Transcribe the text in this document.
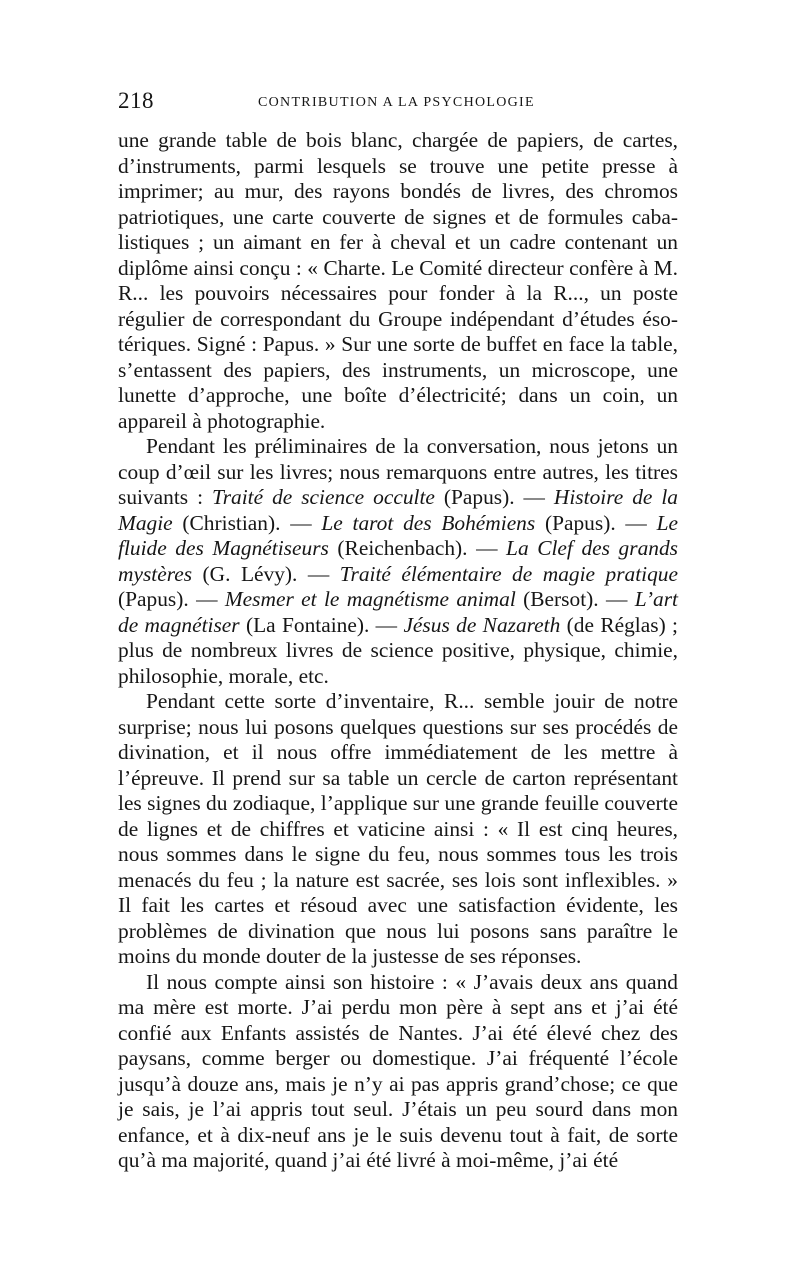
218	CONTRIBUTION A LA PSYCHOLOGIE

une grande table de bois blanc, chargée de papiers, de cartes, d’instruments, parmi lesquels se trouve une petite presse à imprimer; au mur, des rayons bondés de livres, des chromos patriotiques, une carte couverte de signes et de formules cabalistiques ; un aimant en fer à cheval et un cadre contenant un diplôme ainsi conçu : « Charte. Le Comité directeur confère à M. R... les pouvoirs nécessaires pour fonder à la R..., un poste régulier de correspondant du Groupe indépendant d’études ésotériques. Signé : Papus. » Sur une sorte de buffet en face la table, s’entassent des papiers, des instruments, un microscope, une lunette d’approche, une boîte d’électricité; dans un coin, un appareil à photographie.

Pendant les préliminaires de la conversation, nous jetons un coup d’œil sur les livres; nous remarquons entre autres, les titres suivants : Traité de science occulte (Papus). — Histoire de la Magie (Christian). — Le tarot des Bohémiens (Papus). — Le fluide des Magnétiseurs (Reichenbach). — La Clef des grands mystères (G. Lévy). — Traité élémentaire de magie pratique (Papus). — Mesmer et le magnétisme animal (Bersot). — L’art de magnétiser (La Fontaine). — Jésus de Nazareth (de Réglas) ; plus de nombreux livres de science positive, physique, chimie, philosophie, morale, etc.

Pendant cette sorte d’inventaire, R... semble jouir de notre surprise; nous lui posons quelques questions sur ses procédés de divination, et il nous offre immédiatement de les mettre à l’épreuve. Il prend sur sa table un cercle de carton représentant les signes du zodiaque, l’applique sur une grande feuille couverte de lignes et de chiffres et vaticine ainsi : « Il est cinq heures, nous sommes dans le signe du feu, nous sommes tous les trois menacés du feu ; la nature est sacrée, ses lois sont inflexibles. » Il fait les cartes et résoud avec une satisfaction évidente, les problèmes de divination que nous lui posons sans paraître le moins du monde douter de la justesse de ses réponses.

Il nous compte ainsi son histoire : « J’avais deux ans quand ma mère est morte. J’ai perdu mon père à sept ans et j’ai été confié aux Enfants assistés de Nantes. J’ai été élevé chez des paysans, comme berger ou domestique. J’ai fréquenté l’école jusqu’à douze ans, mais je n’y ai pas appris grand’chose; ce que je sais, je l’ai appris tout seul. J’étais un peu sourd dans mon enfance, et à dix-neuf ans je le suis devenu tout à fait, de sorte qu’à ma majorité, quand j’ai été livré à moi-même, j’ai été
